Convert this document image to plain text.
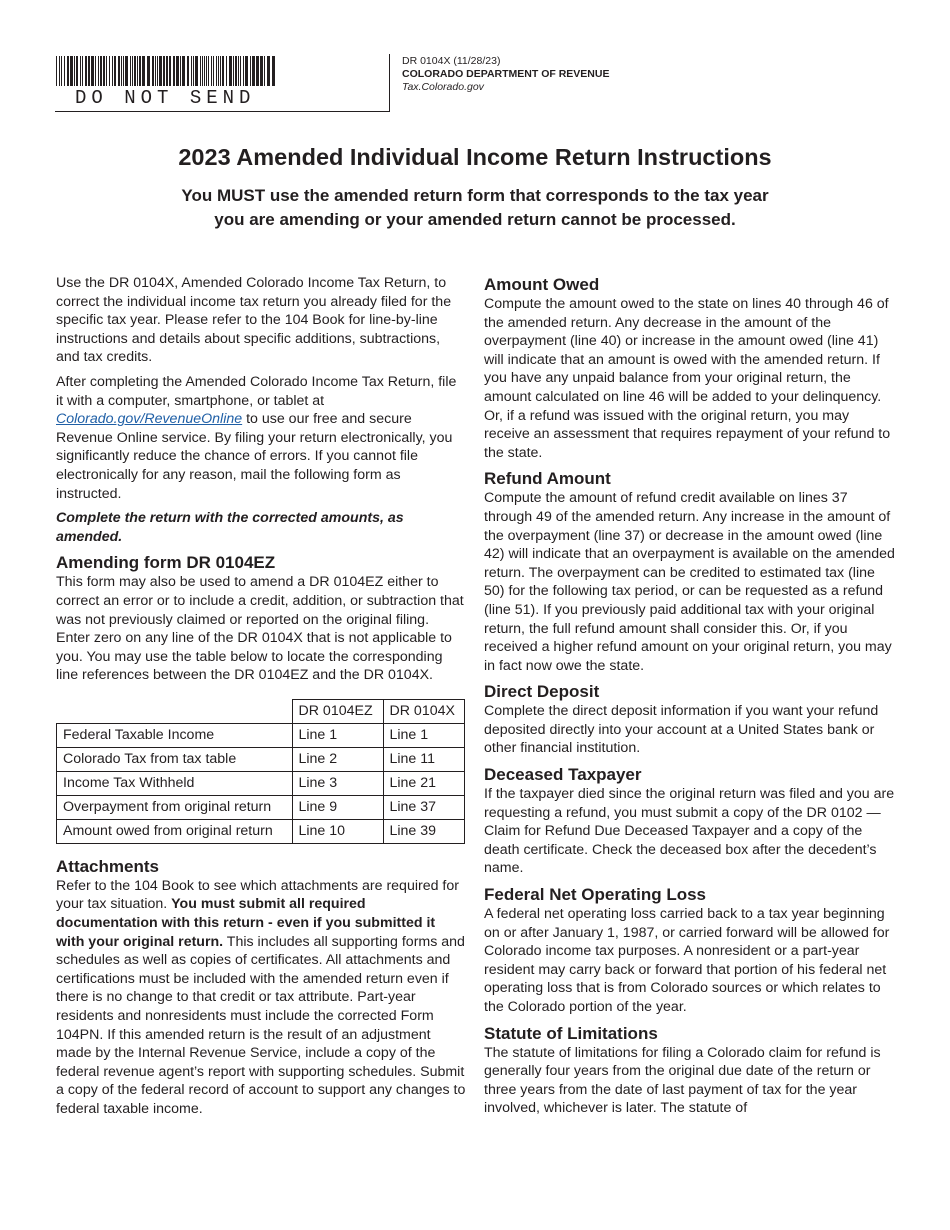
DO NOT SEND
DR 0104X (11/28/23)
COLORADO DEPARTMENT OF REVENUE
Tax.Colorado.gov
2023 Amended Individual Income Return Instructions
You MUST use the amended return form that corresponds to the tax year
you are amending or your amended return cannot be processed.

Use the DR 0104X, Amended Colorado Income Tax Return, to correct the individual income tax return you already filed for the specific tax year. Please refer to the 104 Book for line-by-line instructions and details about specific additions, subtractions, and tax credits.

After completing the Amended Colorado Income Tax Return, file it with a computer, smartphone, or tablet at Colorado.gov/RevenueOnline to use our free and secure Revenue Online service. By filing your return electronically, you significantly reduce the chance of errors. If you cannot file electronically for any reason, mail the following form as instructed.

Complete the return with the corrected amounts, as amended.

Amending form DR 0104EZ

This form may also be used to amend a DR 0104EZ either to correct an error or to include a credit, addition, or subtraction that was not previously claimed or reported on the original filing. Enter zero on any line of the DR 0104X that is not applicable to you. You may use the table below to locate the corresponding line references between the DR 0104EZ and the DR 0104X.

	DR 0104EZ	DR 0104X
Federal Taxable Income	Line 1	Line 1
Colorado Tax from tax table	Line 2	Line 11
Income Tax Withheld	Line 3	Line 21
Overpayment from original return	Line 9	Line 37
Amount owed from original return	Line 10	Line 39
Attachments

Refer to the 104 Book to see which attachments are required for your tax situation. You must submit all required documentation with this return - even if you submitted it with your original return. This includes all supporting forms and schedules as well as copies of certificates. All attachments and certifications must be included with the amended return even if there is no change to that credit or tax attribute. Part-year residents and nonresidents must include the corrected Form 104PN. If this amended return is the result of an adjustment made by the Internal Revenue Service, include a copy of the federal revenue agent’s report with supporting schedules. Submit a copy of the federal record of account to support any changes to federal taxable income.

Amount Owed

Compute the amount owed to the state on lines 40 through 46 of the amended return. Any decrease in the amount of the overpayment (line 40) or increase in the amount owed (line 41) will indicate that an amount is owed with the amended return. If you have any unpaid balance from your original return, the amount calculated on line 46 will be added to your delinquency. Or, if a refund was issued with the original return, you may receive an assessment that requires repayment of your refund to the state.

Refund Amount

Compute the amount of refund credit available on lines 37 through 49 of the amended return. Any increase in the amount of the overpayment (line 37) or decrease in the amount owed (line 42) will indicate that an overpayment is available on the amended return. The overpayment can be credited to estimated tax (line 50) for the following tax period, or can be requested as a refund (line 51). If you previously paid additional tax with your original return, the full refund amount shall consider this. Or, if you received a higher refund amount on your original return, you may in fact now owe the state.

Direct Deposit

Complete the direct deposit information if you want your refund deposited directly into your account at a United States bank or other financial institution.

Deceased Taxpayer

If the taxpayer died since the original return was filed and you are requesting a refund, you must submit a copy of the DR 0102 — Claim for Refund Due Deceased Taxpayer and a copy of the death certificate. Check the deceased box after the decedent’s name.

Federal Net Operating Loss

A federal net operating loss carried back to a tax year beginning on or after January 1, 1987, or carried forward will be allowed for Colorado income tax purposes. A nonresident or a part-year resident may carry back or forward that portion of his federal net operating loss that is from Colorado sources or which relates to the Colorado portion of the year.

Statute of Limitations

The statute of limitations for filing a Colorado claim for refund is generally four years from the original due date of the return or three years from the date of last payment of tax for the year involved, whichever is later. The statute of
